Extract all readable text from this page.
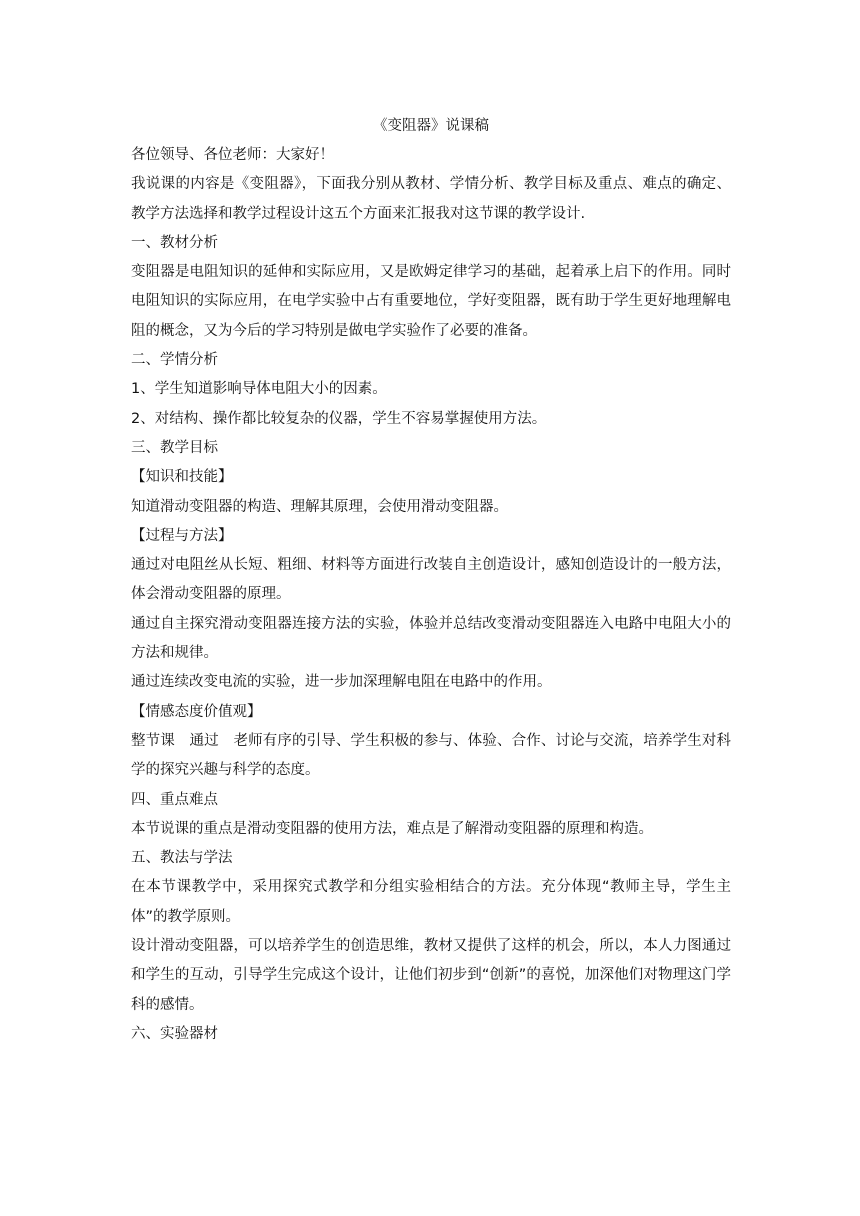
《变阻器》说课稿

各位领导、各位老师：大家好！

我说课的内容是《变阻器》，下面我分别从教材、学情分析、教学目标及重点、难点的确定、教学方法选择和教学过程设计这五个方面来汇报我对这节课的教学设计.

一、教材分析

变阻器是电阻知识的延伸和实际应用，又是欧姆定律学习的基础，起着承上启下的作用。同时电阻知识的实际应用，在电学实验中占有重要地位，学好变阻器，既有助于学生更好地理解电阻的概念，又为今后的学习特别是做电学实验作了必要的准备。

二、学情分析

1、学生知道影响导体电阻大小的因素。

2、对结构、操作都比较复杂的仪器，学生不容易掌握使用方法。

三、教学目标

【知识和技能】

知道滑动变阻器的构造、理解其原理，会使用滑动变阻器。

【过程与方法】

通过对电阻丝从长短、粗细、材料等方面进行改装自主创造设计，感知创造设计的一般方法，体会滑动变阻器的原理。

通过自主探究滑动变阻器连接方法的实验，体验并总结改变滑动变阻器连入电路中电阻大小的方法和规律。

通过连续改变电流的实验，进一步加深理解电阻在电路中的作用。

【情感态度价值观】

整节课　通过　老师有序的引导、学生积极的参与、体验、合作、讨论与交流，培养学生对科学的探究兴趣与科学的态度。

四、重点难点

本节说课的重点是滑动变阻器的使用方法，难点是了解滑动变阻器的原理和构造。

五、教法与学法

在本节课教学中，采用探究式教学和分组实验相结合的方法。充分体现“教师主导，学生主体”的教学原则。

设计滑动变阻器，可以培养学生的创造思维，教材又提供了这样的机会，所以，本人力图通过和学生的互动，引导学生完成这个设计，让他们初步到“创新”的喜悦，加深他们对物理这门学科的感情。

六、实验器材
